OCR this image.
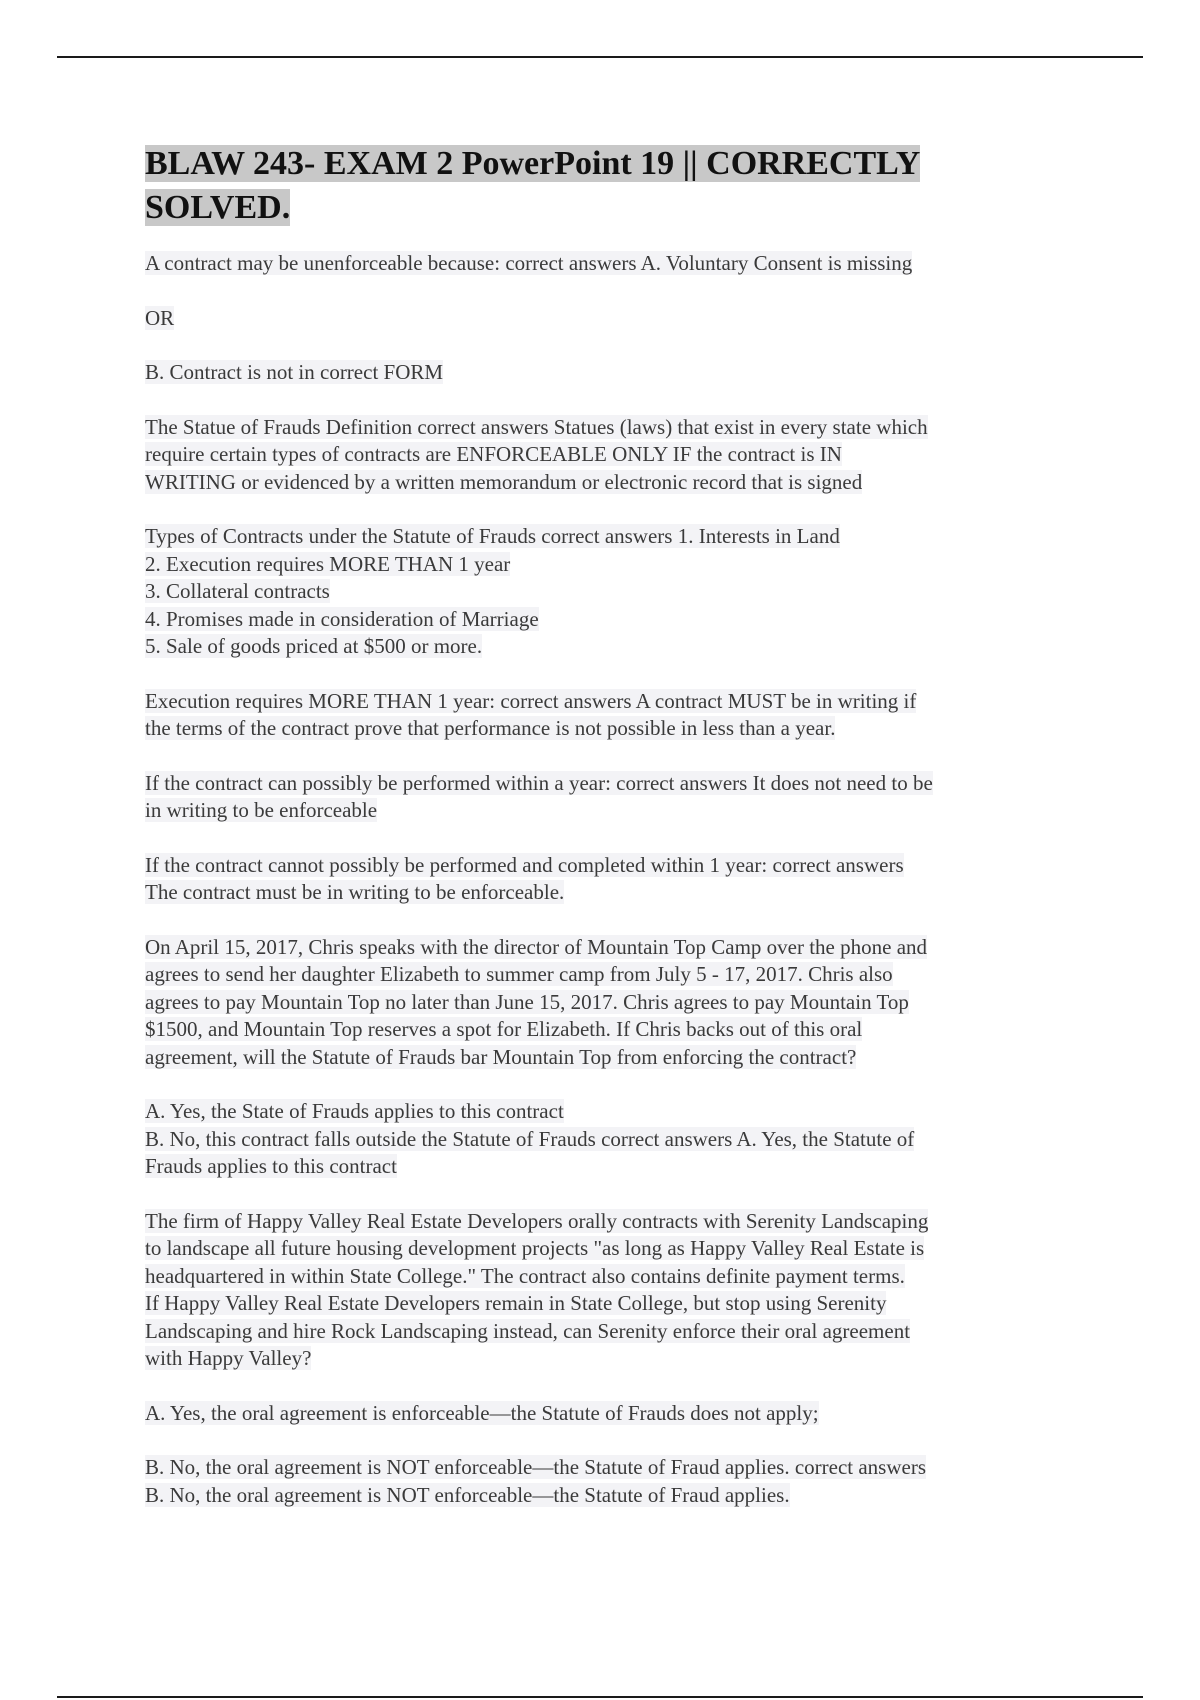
BLAW 243- EXAM 2 PowerPoint 19 || CORRECTLY
SOLVED.
A contract may be unenforceable because: correct answers A. Voluntary Consent is missing
OR
B. Contract is not in correct FORM
The Statue of Frauds Definition correct answers Statues (laws) that exist in every state which
require certain types of contracts are ENFORCEABLE ONLY IF the contract is IN
WRITING or evidenced by a written memorandum or electronic record that is signed
Types of Contracts under the Statute of Frauds correct answers 1. Interests in Land
2. Execution requires MORE THAN 1 year
3. Collateral contracts
4. Promises made in consideration of Marriage
5. Sale of goods priced at $500 or more.
Execution requires MORE THAN 1 year: correct answers A contract MUST be in writing if
the terms of the contract prove that performance is not possible in less than a year.
If the contract can possibly be performed within a year: correct answers It does not need to be
in writing to be enforceable
If the contract cannot possibly be performed and completed within 1 year: correct answers
The contract must be in writing to be enforceable.
On April 15, 2017, Chris speaks with the director of Mountain Top Camp over the phone and
agrees to send her daughter Elizabeth to summer camp from July 5 - 17, 2017. Chris also
agrees to pay Mountain Top no later than June 15, 2017. Chris agrees to pay Mountain Top
$1500, and Mountain Top reserves a spot for Elizabeth. If Chris backs out of this oral
agreement, will the Statute of Frauds bar Mountain Top from enforcing the contract?
A. Yes, the State of Frauds applies to this contract
B. No, this contract falls outside the Statute of Frauds correct answers A. Yes, the Statute of
Frauds applies to this contract
The firm of Happy Valley Real Estate Developers orally contracts with Serenity Landscaping
to landscape all future housing development projects "as long as Happy Valley Real Estate is
headquartered in within State College." The contract also contains definite payment terms.
If Happy Valley Real Estate Developers remain in State College, but stop using Serenity
Landscaping and hire Rock Landscaping instead, can Serenity enforce their oral agreement
with Happy Valley?
A. Yes, the oral agreement is enforceable—the Statute of Frauds does not apply;
B. No, the oral agreement is NOT enforceable—the Statute of Fraud applies. correct answers
B. No, the oral agreement is NOT enforceable—the Statute of Fraud applies.
